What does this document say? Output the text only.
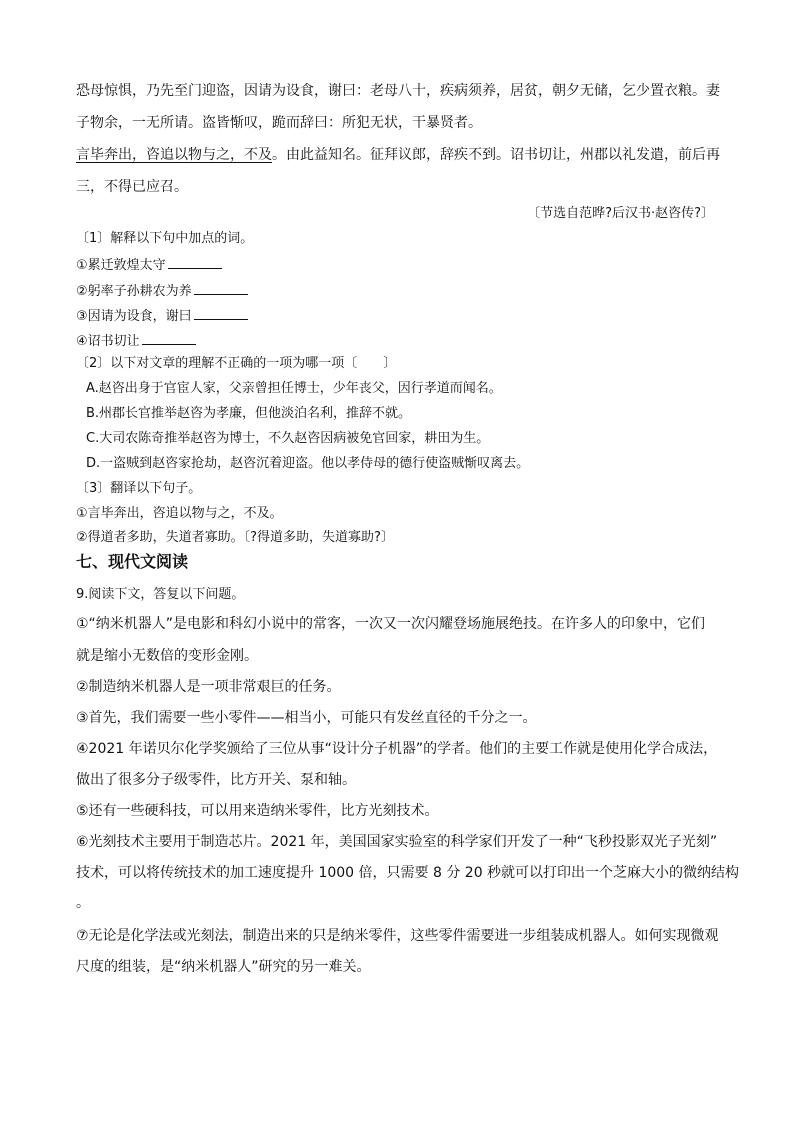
恐母惊惧，乃先至门迎盗，因请为设食，谢曰：老母八十，疾病须养，居贫，朝夕无储，乞少置衣粮。妻
子物余，一无所请。盗皆惭叹，跪而辞曰：所犯无状，干暴贤者。
言毕奔出，咨追以物与之，不及。由此益知名。征拜议郎，辞疾不到。诏书切让，州郡以礼发遣，前后再
三，不得已应召。
〔节选自范晔?后汉书·赵咨传?〕
〔1〕解释以下句中加点的词。
①累迁敦煌太守
②躬率子孙耕农为养
③因请为设食，谢曰
④诏书切让
〔2〕以下对文章的理解不正确的一项为哪一项〔　　〕
A.赵咨出身于官宦人家，父亲曾担任博士，少年丧父，因行孝道而闻名。
B.州郡长官推举赵咨为孝廉，但他淡泊名利，推辞不就。
C.大司农陈奇推举赵咨为博士，不久赵咨因病被免官回家，耕田为生。
D.一盗贼到赵咨家抢劫，赵咨沉着迎盗。他以孝侍母的德行使盗贼惭叹离去。
〔3〕翻译以下句子。
①言毕奔出，咨追以物与之，不及。
②得道者多助，失道者寡助。〔?得道多助，失道寡助?〕
七、现代文阅读
9.阅读下文，答复以下问题。
①“纳米机器人”是电影和科幻小说中的常客，一次又一次闪耀登场施展绝技。在许多人的印象中，它们
就是缩小无数倍的变形金刚。
②制造纳米机器人是一项非常艰巨的任务。
③首先，我们需要一些小零件——相当小，可能只有发丝直径的千分之一。
④2021 年诺贝尔化学奖颁给了三位从事“设计分子机器”的学者。他们的主要工作就是使用化学合成法，
做出了很多分子级零件，比方开关、泵和轴。
⑤还有一些硬科技，可以用来造纳米零件，比方光刻技术。
⑥光刻技术主要用于制造芯片。2021 年，美国国家实验室的科学家们开发了一种“飞秒投影双光子光刻”
技术，可以将传统技术的加工速度提升 1000 倍，只需要 8 分 20 秒就可以打印出一个芝麻大小的微纳结构
。
⑦无论是化学法或光刻法，制造出来的只是纳米零件，这些零件需要进一步组装成机器人。如何实现微观
尺度的组装，是“纳米机器人”研究的另一难关。
